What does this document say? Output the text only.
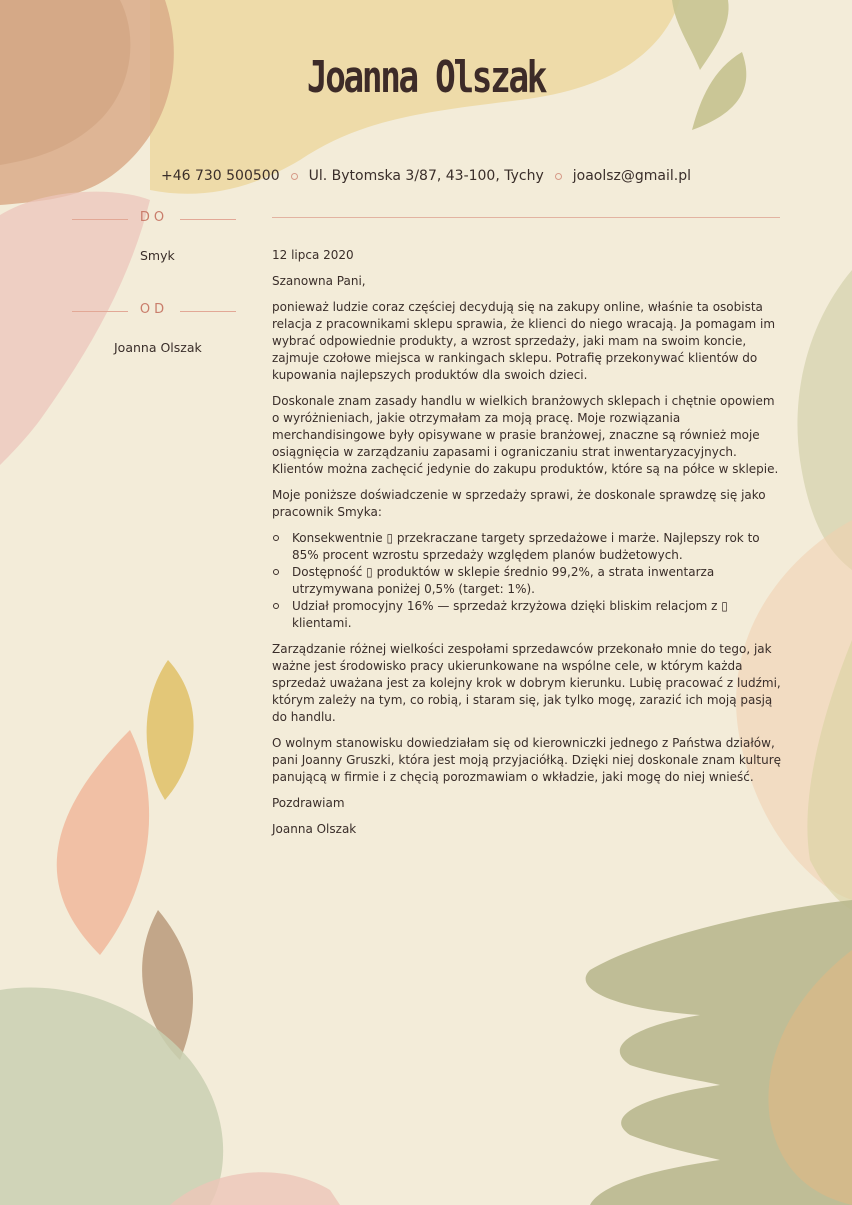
Joanna Olszak
+46 730 500500 Ul. Bytomska 3/87, 43-100, Tychy joaolsz@gmail.pl
DO
Smyk
OD
Joanna Olszak

12 lipca 2020

Szanowna Pani,

ponieważ ludzie coraz częściej decydują się na zakupy online, właśnie ta osobista relacja z pracownikami sklepu sprawia, że klienci do niego wracają. Ja pomagam im wybrać odpowiednie produkty, a wzrost sprzedaży, jaki mam na swoim koncie, zajmuje czołowe miejsca w rankingach sklepu. Potrafię przekonywać klientów do kupowania najlepszych produktów dla swoich dzieci.

Doskonale znam zasady handlu w wielkich branżowych sklepach i chętnie opowiem o wyróżnieniach, jakie otrzymałam za moją pracę. Moje rozwiązania merchandisingowe były opisywane w prasie branżowej, znaczne są również moje osiągnięcia w zarządzaniu zapasami i ograniczaniu strat inwentaryzacyjnych. Klientów można zachęcić jedynie do zakupu produktów, które są na półce w sklepie.

Moje poniższe doświadczenie w sprzedaży sprawi, że doskonale sprawdzę się jako pracownik Smyka:

Konsekwentnie ▯ przekraczane targety sprzedażowe i marże. Najlepszy rok to 85% procent wzrostu sprzedaży względem planów budżetowych.
Dostępność ▯ produktów w sklepie średnio 99,2%, a strata inwentarza utrzymywana poniżej 0,5% (target: 1%).
Udział promocyjny 16% — sprzedaż krzyżowa dzięki bliskim relacjom z ▯ klientami.

Zarządzanie różnej wielkości zespołami sprzedawców przekonało mnie do tego, jak ważne jest środowisko pracy ukierunkowane na wspólne cele, w którym każda sprzedaż uważana jest za kolejny krok w dobrym kierunku. Lubię pracować z ludźmi, którym zależy na tym, co robią, i staram się, jak tylko mogę, zarazić ich moją pasją do handlu.

O wolnym stanowisku dowiedziałam się od kierowniczki jednego z Państwa działów, pani Joanny Gruszki, która jest moją przyjaciółką. Dzięki niej doskonale znam kulturę panującą w firmie i z chęcią porozmawiam o wkładzie, jaki mogę do niej wnieść.

Pozdrawiam

Joanna Olszak
